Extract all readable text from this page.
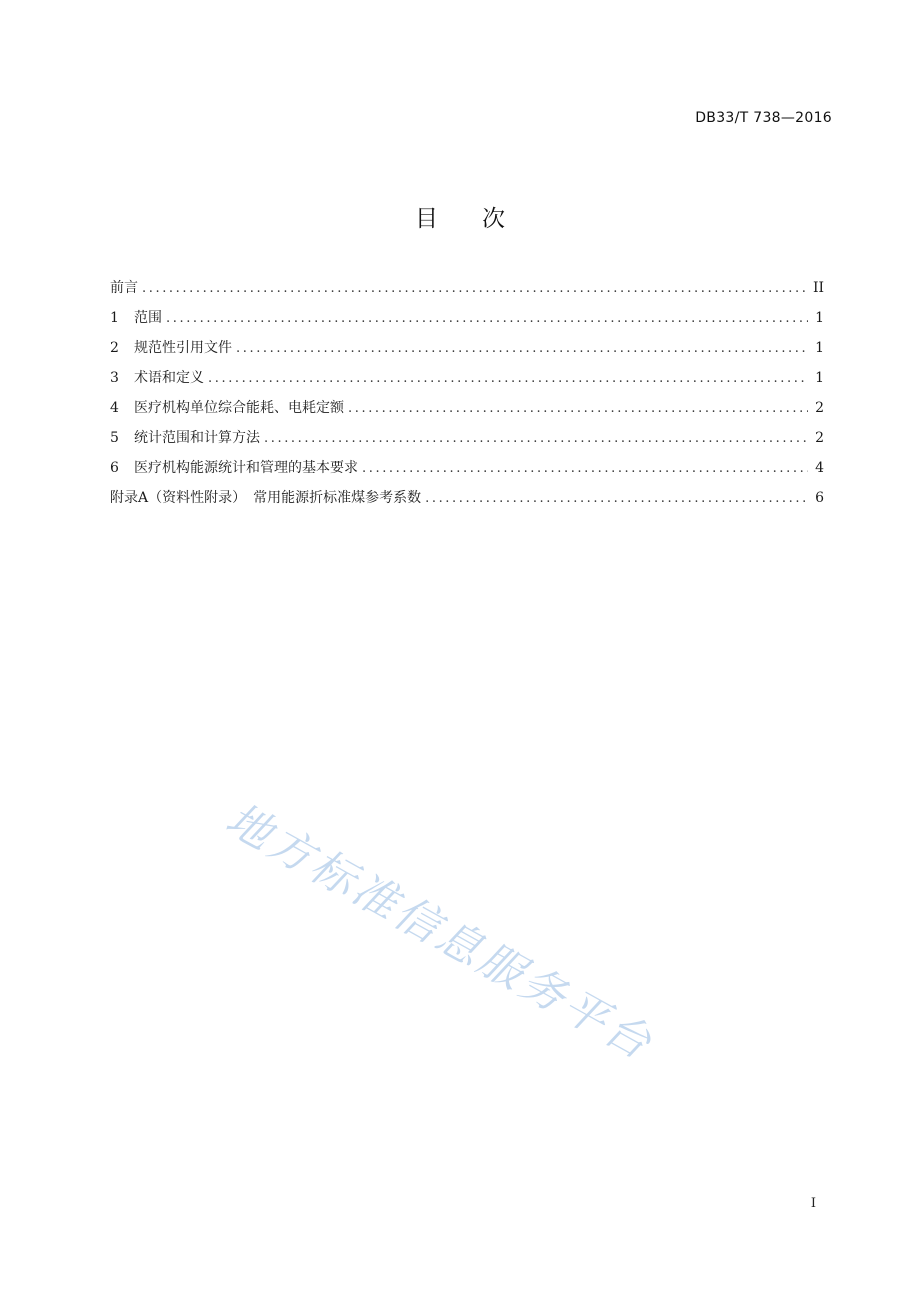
DB33/T 738—2016
目 次
前言 .....	II
1	范围 .....	1
2	规范性引用文件 .....	1
3	术语和定义 .....	1
4	医疗机构单位综合能耗、电耗定额 .....	2
5	统计范围和计算方法 .....	2
6	医疗机构能源统计和管理的基本要求 .....	4
附录A（资料性附录）　常用能源折标准煤参考系数 .....	6
地方标准信息服务平台
I
